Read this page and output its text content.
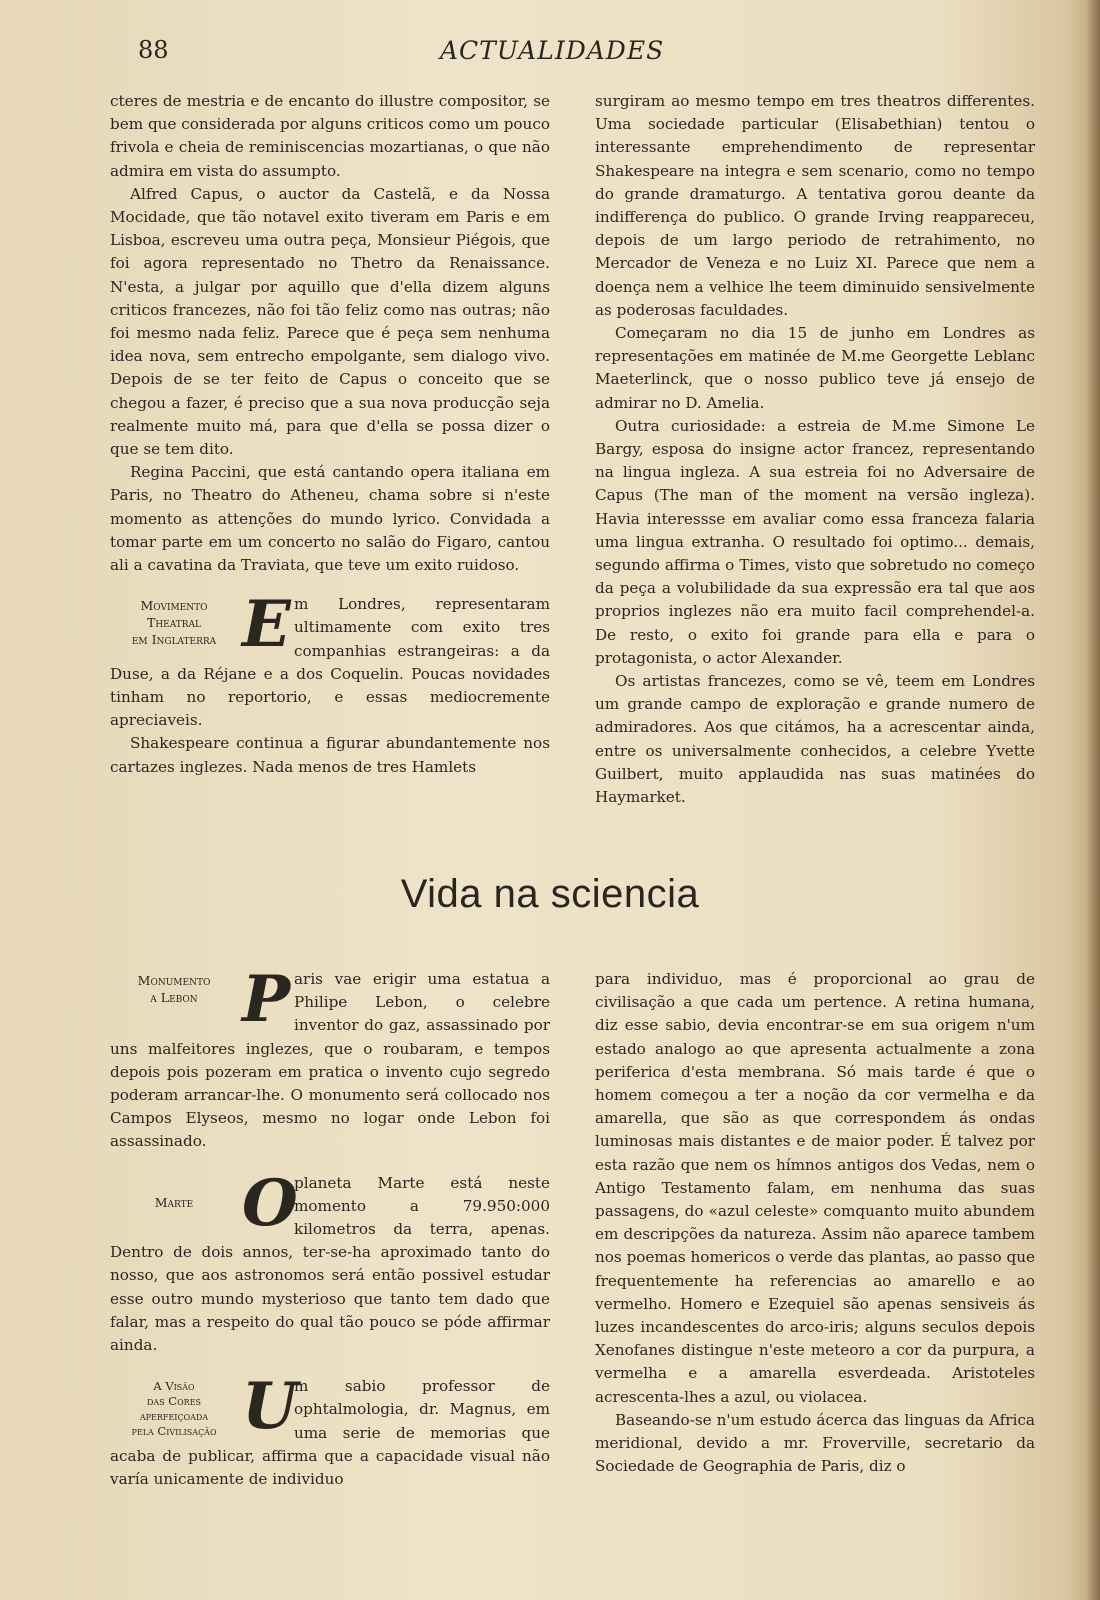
88	ACTUALIDADES

cteres de mestria e de encanto do illustre compositor, se bem que considerada por alguns criticos como um pouco frivola e cheia de reminiscencias mozartianas, o que não admira em vista do assumpto.

Alfred Capus, o auctor da Castelã, e da Nossa Mocidade, que tão notavel exito tiveram em Paris e em Lisboa, escreveu uma outra peça, Monsieur Piégois, que foi agora representado no Thetro da Renaissance. N'esta, a julgar por aquillo que d'ella dizem alguns criticos francezes, não foi tão feliz como nas outras; não foi mesmo nada feliz. Parece que é peça sem nenhuma idea nova, sem entrecho empolgante, sem dialogo vivo. Depois de se ter feito de Capus o conceito que se chegou a fazer, é preciso que a sua nova producção seja realmente muito má, para que d'ella se possa dizer o que se tem dito.

Regina Paccini, que está cantando opera italiana em Paris, no Theatro do Atheneu, chama sobre si n'este momento as attenções do mundo lyrico. Convidada a tomar parte em um concerto no salão do Figaro, cantou ali a cavatina da Traviata, que teve um exito ruidoso.

Movimento
Theatral
em Inglaterra E m Londres, representaram ultimamente com exito tres companhias estrangeiras: a da Duse, a da Réjane e a dos Coquelin. Poucas novidades tinham no reportorio, e essas mediocremente apreciaveis.

Shakespeare continua a figurar abundantemente nos cartazes inglezes. Nada menos de tres Hamlets

surgiram ao mesmo tempo em tres theatros differentes. Uma sociedade particular (Elisabethian) tentou o interessante emprehendimento de representar Shakespeare na integra e sem scenario, como no tempo do grande dramaturgo. A tentativa gorou deante da indifferença do publico. O grande Irving reappareceu, depois de um largo periodo de retrahimento, no Mercador de Veneza e no Luiz XI. Parece que nem a doença nem a velhice lhe teem diminuido sensivelmente as poderosas faculdades.

Começaram no dia 15 de junho em Londres as representações em matinée de M.me Georgette Leblanc Maeterlinck, que o nosso publico teve já ensejo de admirar no D. Amelia.

Outra curiosidade: a estreia de M.me Simone Le Bargy, esposa do insigne actor francez, representando na lingua ingleza. A sua estreia foi no Adversaire de Capus (The man of the moment na versão ingleza). Havia interessse em avaliar como essa franceza falaria uma lingua extranha. O resultado foi optimo... demais, segundo affirma o Times, visto que sobretudo no começo da peça a volubilidade da sua expressão era tal que aos proprios inglezes não era muito facil comprehendel-a. De resto, o exito foi grande para ella e para o protagonista, o actor Alexander.

Os artistas francezes, como se vê, teem em Londres um grande campo de exploração e grande numero de admiradores. Aos que citámos, ha a acrescentar ainda, entre os universalmente conhecidos, a celebre Yvette Guilbert, muito applaudida nas suas matinées do Haymarket.

Vida na sciencia
Monumento
a Lebon P aris vae erigir uma estatua a Philipe Lebon, o celebre inventor do gaz, assassinado por uns malfeitores inglezes, que o roubaram, e tempos depois pois pozeram em pratica o invento cujo segredo poderam arrancar-lhe. O monumento será collocado nos Campos Elyseos, mesmo no logar onde Lebon foi assassinado.

Marte O

planeta Marte está neste momento a 79.950:000 kilometros da terra, apenas. Dentro de dois annos, ter-se-ha aproximado tanto do nosso, que aos astronomos será então possivel estudar esse outro mundo mysterioso que tanto tem dado que falar, mas a respeito do qual tão pouco se póde affirmar ainda.

A Visão
das Cores
aperfeiçoada
pela Civilisação U

m sabio professor de ophtalmologia, dr. Magnus, em uma serie de memorias que acaba de publicar, affirma que a capacidade visual não varía unicamente de individuo

para individuo, mas é proporcional ao grau de civilisação a que cada um pertence. A retina humana, diz esse sabio, devia encontrar-se em sua origem n'um estado analogo ao que apresenta actualmente a zona periferica d'esta membrana. Só mais tarde é que o homem começou a ter a noção da cor vermelha e da amarella, que são as que correspondem ás ondas luminosas mais distantes e de maior poder. É talvez por esta razão que nem os hímnos antigos dos Vedas, nem o Antigo Testamento falam, em nenhuma das suas passagens, do «azul celeste» comquanto muito abundem em descripções da natureza. Assim não aparece tambem nos poemas homericos o verde das plantas, ao passo que frequentemente ha referencias ao amarello e ao vermelho. Homero e Ezequiel são apenas sensiveis ás luzes incandescentes do arco-iris; alguns seculos depois Xenofanes distingue n'este meteoro a cor da purpura, a vermelha e a amarella esverdeada. Aristoteles acrescenta-lhes a azul, ou violacea.

Baseando-se n'um estudo ácerca das linguas da Africa meridional, devido a mr. Froverville, secretario da Sociedade de Geographia de Paris, diz o
